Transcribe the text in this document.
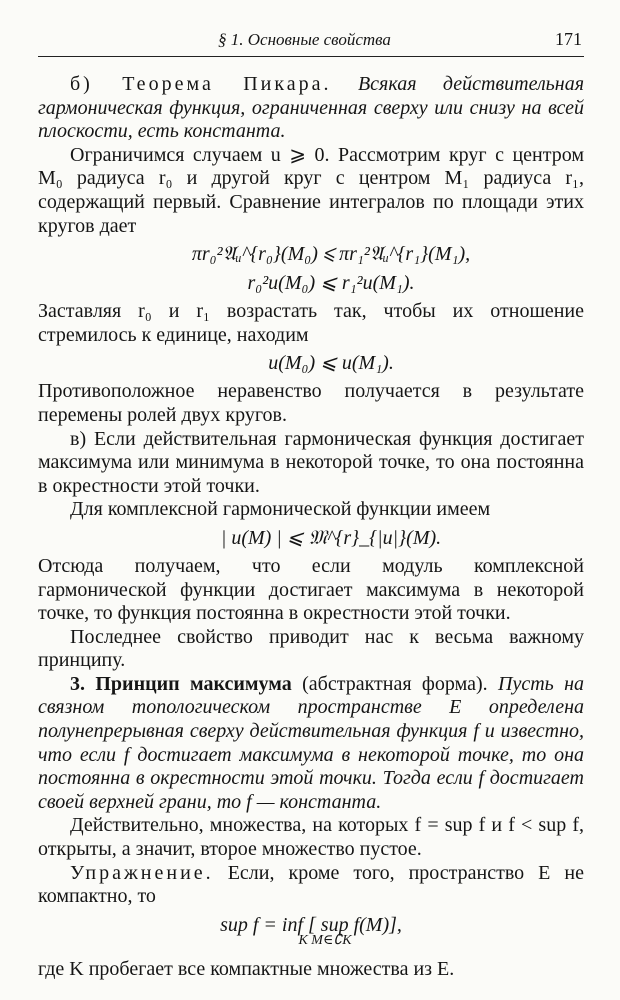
§ 1. Основные свойства	171

б) Теорема Пикара. Всякая действительная гармоническая функция, ограниченная сверху или снизу на всей плоскости, есть константа.

Ограничимся случаем u ⩾ 0. Рассмотрим круг с центром M₀ радиуса r₀ и другой круг с центром M₁ радиуса r₁, содержащий первый. Сравнение интегралов по площади этих кругов дает

πr₀²𝔄ᵤ^{r₀}(M₀) ⩽ πr₁²𝔄ᵤ^{r₁}(M₁),
r₀²u(M₀) ⩽ r₁²u(M₁).

Заставляя r₀ и r₁ возрастать так, чтобы их отношение стремилось к единице, находим

u(M₀) ⩽ u(M₁).

Противоположное неравенство получается в результате перемены ролей двух кругов.

в) Если действительная гармоническая функция достигает максимума или минимума в некоторой точке, то она постоянна в окрестности этой точки.

Для комплексной гармонической функции имеем

| u(M) | ⩽ 𝔐^{r}_{|u|}(M).

Отсюда получаем, что если модуль комплексной гармонической функции достигает максимума в некоторой точке, то функция постоянна в окрестности этой точки.

Последнее свойство приводит нас к весьма важному принципу.

3. Принцип максимума (абстрактная форма). Пусть на связном топологическом пространстве E определена полунепрерывная сверху действительная функция f и известно, что если f достигает максимума в некоторой точке, то она постоянна в окрестности этой точки. Тогда если f достигает своей верхней грани, то f — константа.

Действительно, множества, на которых f = sup f и f < sup f, открыты, а значит, второе множество пустое.

Упражнение. Если, кроме того, пространство E не компактно, то

sup f = inf [ sup f(M)],
K M∈∁K

где K пробегает все компактные множества из E.
